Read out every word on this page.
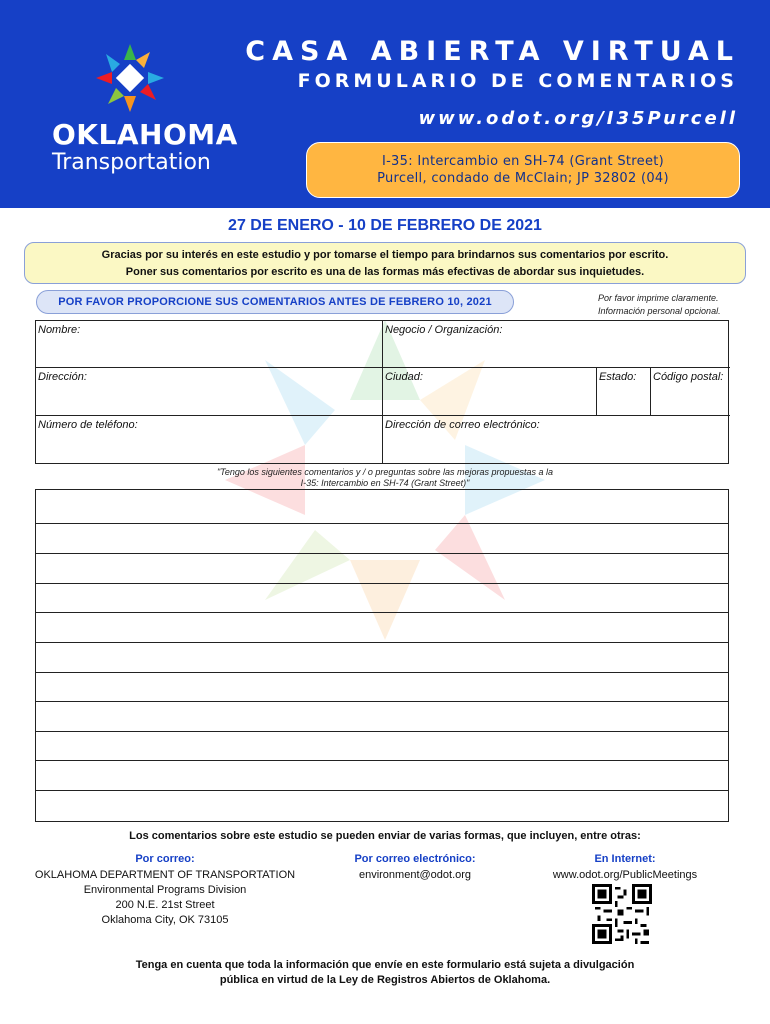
OKLAHOMA
Transportation
CASA ABIERTA VIRTUAL
FORMULARIO DE COMENTARIOS
www.odot.org/I35Purcell
I-35: Intercambio en SH-74 (Grant Street)
Purcell, condado de McClain; JP 32802 (04)
27 DE ENERO - 10 DE FEBRERO DE 2021
Gracias por su interés en este estudio y por tomarse el tiempo para brindarnos sus comentarios por escrito.
Poner sus comentarios por escrito es una de las formas más efectivas de abordar sus inquietudes.
POR FAVOR PROPORCIONE SUS COMENTARIOS ANTES DE FEBRERO 10, 2021	Por favor imprime claramente.
Información personal opcional.
Nombre:	Negocio / Organización:
Dirección:	Ciudad:	Estado:	Código postal:
Número de teléfono:	Dirección de correo electrónico:
"Tengo los siguientes comentarios y / o preguntas sobre las mejoras propuestas a la
I-35: Intercambio en SH-74 (Grant Street)"
Los comentarios sobre este estudio se pueden enviar de varias formas, que incluyen, entre otras:
Por correo:
OKLAHOMA DEPARTMENT OF TRANSPORTATION
Environmental Programs Division
200 N.E. 21st Street
Oklahoma City, OK 73105
Por correo electrónico:
environment@odot.org
En Internet:
www.odot.org/PublicMeetings
Tenga en cuenta que toda la información que envíe en este formulario está sujeta a divulgación
pública en virtud de la Ley de Registros Abiertos de Oklahoma.
